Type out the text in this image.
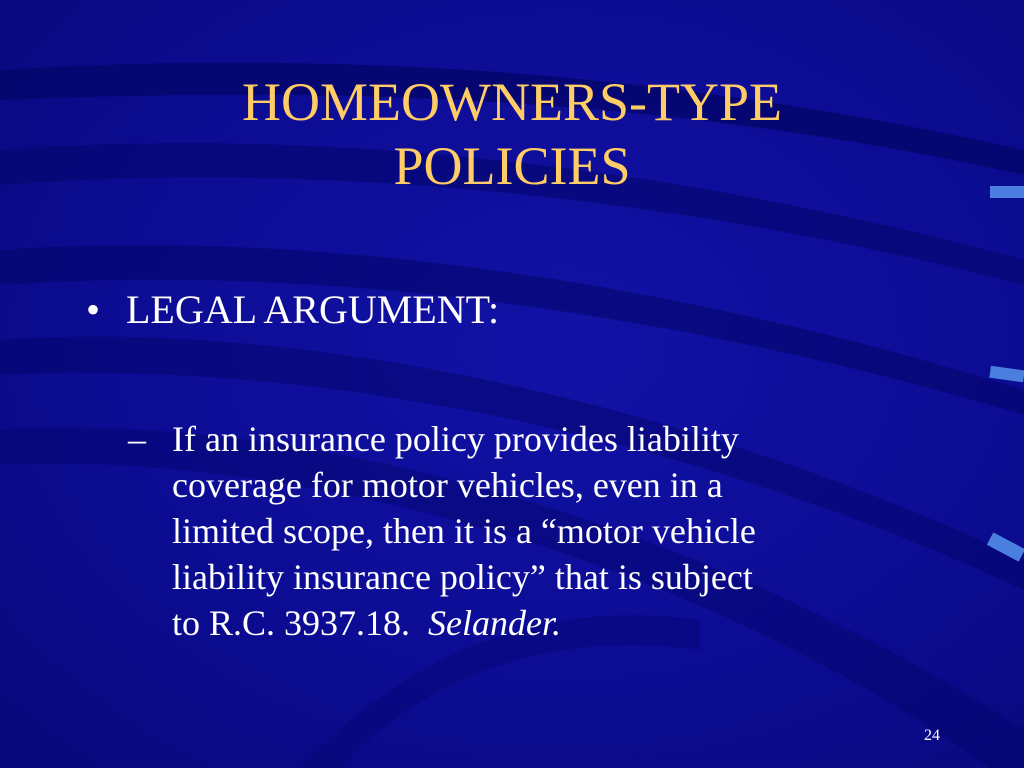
HOMEOWNERS-TYPE
POLICIES
• LEGAL ARGUMENT:
– If an insurance policy provides liability
coverage for motor vehicles, even in a
limited scope, then it is a “motor vehicle
liability insurance policy” that is subject
to R.C. 3937.18. Selander.
24
